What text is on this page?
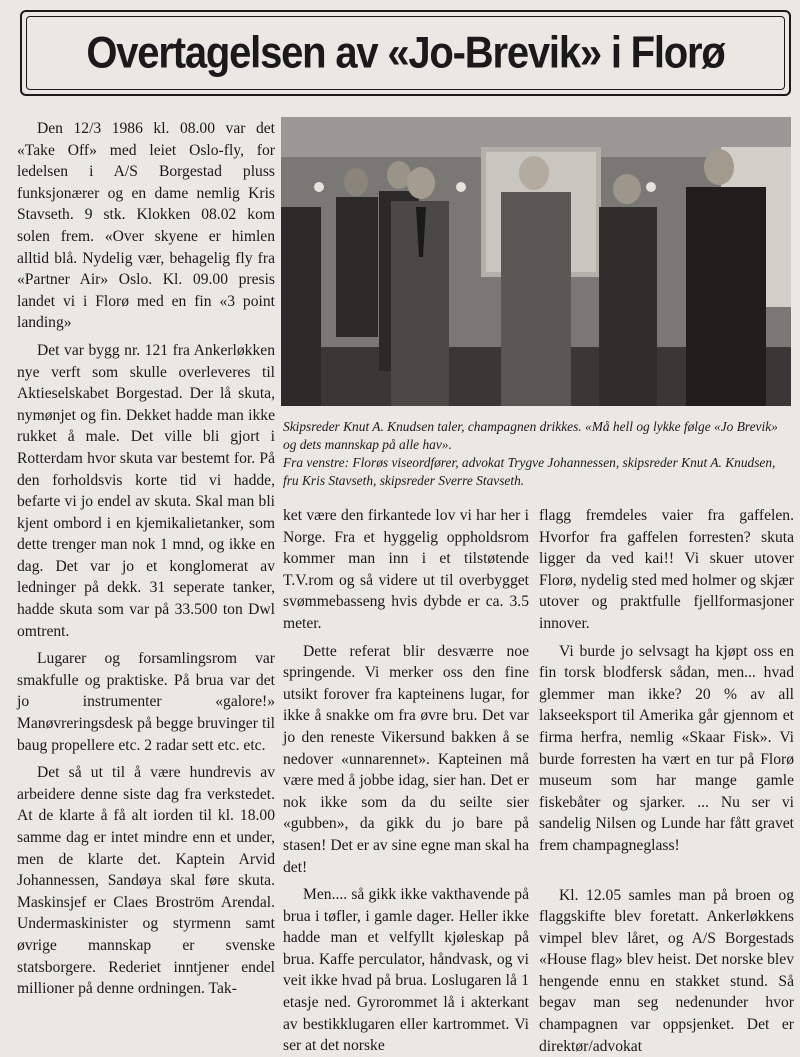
Overtagelsen av «Jo-Brevik» i Florø

Den 12/3 1986 kl. 08.00 var det «Take Off» med leiet Oslo-fly, for ledelsen i A/S Borgestad pluss funksjonærer og en dame nemlig Kris Stavseth. 9 stk. Klokken 08.02 kom solen frem. «Over skyene er himlen alltid blå. Nydelig vær, behagelig fly fra «Partner Air» Oslo. Kl. 09.00 presis landet vi i Florø med en fin «3 point landing»

Det var bygg nr. 121 fra Ankerløkken nye verft som skulle overleveres til Aktieselskabet Borgestad. Der lå skuta, nymønjet og fin. Dekket hadde man ikke rukket å male. Det ville bli gjort i Rotterdam hvor skuta var bestemt for. På den forholdsvis korte tid vi hadde, befarte vi jo endel av skuta. Skal man bli kjent ombord i en kjemikalietanker, som dette trenger man nok 1 mnd, og ikke en dag. Det var jo et konglomerat av ledninger på dekk. 31 seperate tanker, hadde skuta som var på 33.500 ton Dwl omtrent.

Lugarer og forsamlingsrom var smakfulle og praktiske. På brua var det jo instrumenter «galore!» Manøvreringsdesk på begge bruvinger til baug propellere etc. 2 radar sett etc. etc.

Det så ut til å være hundrevis av arbeidere denne siste dag fra verkstedet. At de klarte å få alt iorden til kl. 18.00 samme dag er intet mindre enn et under, men de klarte det. Kaptein Arvid Johannessen, Sandøya skal føre skuta. Maskinsjef er Claes Broström Arendal. Undermaskinister og styrmenn samt øvrige mannskap er svenske statsborgere. Rederiet inntjener endel millioner på denne ordningen. Tak-

Skipsreder Knut A. Knudsen taler, champagnen drikkes. «Må hell og lykke følge «Jo Brevik» og dets mannskap på alle hav».
Fra venstre: Florøs viseordfører, advokat Trygve Johannessen, skipsreder Knut A. Knudsen, fru Kris Stavseth, skipsreder Sverre Stavseth.

ket være den firkantede lov vi har her i Norge. Fra et hyggelig oppholdsrom kommer man inn i et tilstøtende T.V.rom og så videre ut til overbygget svømmebasseng hvis dybde er ca. 3.5 meter.

Dette referat blir desværre noe springende. Vi merker oss den fine utsikt forover fra kapteinens lugar, for ikke å snakke om fra øvre bru. Det var jo den reneste Vikersund bakken å se nedover «unnarennet». Kapteinen må være med å jobbe idag, sier han. Det er nok ikke som da du seilte sier «gubben», da gikk du jo bare på stasen! Det er av sine egne man skal ha det!

Men.... så gikk ikke vakthavende på brua i tøfler, i gamle dager. Heller ikke hadde man et velfyllt kjøleskap på brua. Kaffe perculator, håndvask, og vi veit ikke hvad på brua. Loslugaren lå 1 etasje ned. Gyrorommet lå i akterkant av bestikklugaren eller kartrommet. Vi ser at det norske

flagg fremdeles vaier fra gaffelen. Hvorfor fra gaffelen forresten? skuta ligger da ved kai!! Vi skuer utover Florø, nydelig sted med holmer og skjær utover og praktfulle fjellformasjoner innover.

Vi burde jo selvsagt ha kjøpt oss en fin torsk blodfersk sådan, men... hvad glemmer man ikke? 20 % av all lakseeksport til Amerika går gjennom et firma herfra, nemlig «Skaar Fisk». Vi burde forresten ha vært en tur på Florø museum som har mange gamle fiskebåter og sjarker. ... Nu ser vi sandelig Nilsen og Lunde har fått gravet frem champagneglass!

Kl. 12.05 samles man på broen og flaggskifte blev foretatt. Ankerløkkens vimpel blev låret, og A/S Borgestads «House flag» blev heist. Det norske blev hengende ennu en stakket stund. Så begav man seg nedenunder hvor champagnen var oppsjenket. Det er direktør/advokat
